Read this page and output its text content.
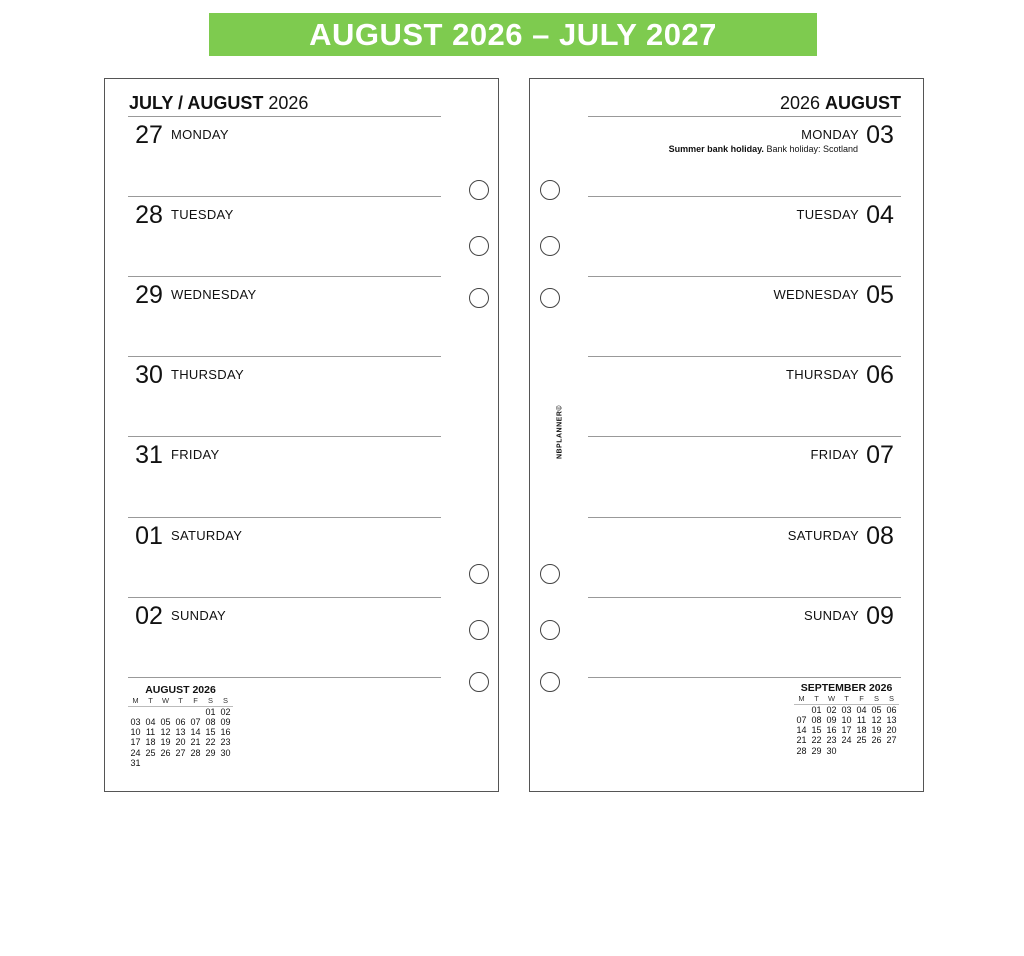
AUGUST 2026 – JULY 2027
JULY / AUGUST 2026
27 MONDAY
28 TUESDAY
29 WEDNESDAY
30 THURSDAY
31 FRIDAY
01 SATURDAY
02 SUNDAY
AUGUST 2026
M	T	W	T	F	S	S
					01	02
03	04	05	06	07	08	09
10	11	12	13	14	15	16
17	18	19	20	21	22	23
24	25	26	27	28	29	30
31						
2026 AUGUST
MONDAY 03
Summer bank holiday. Bank holiday: Scotland
TUESDAY 04
WEDNESDAY 05
THURSDAY 06
FRIDAY 07
SATURDAY 08
SUNDAY 09
NBPLANNER©
SEPTEMBER 2026
M	T	W	T	F	S	S
	01	02	03	04	05	06
07	08	09	10	11	12	13
14	15	16	17	18	19	20
21	22	23	24	25	26	27
28	29	30				
